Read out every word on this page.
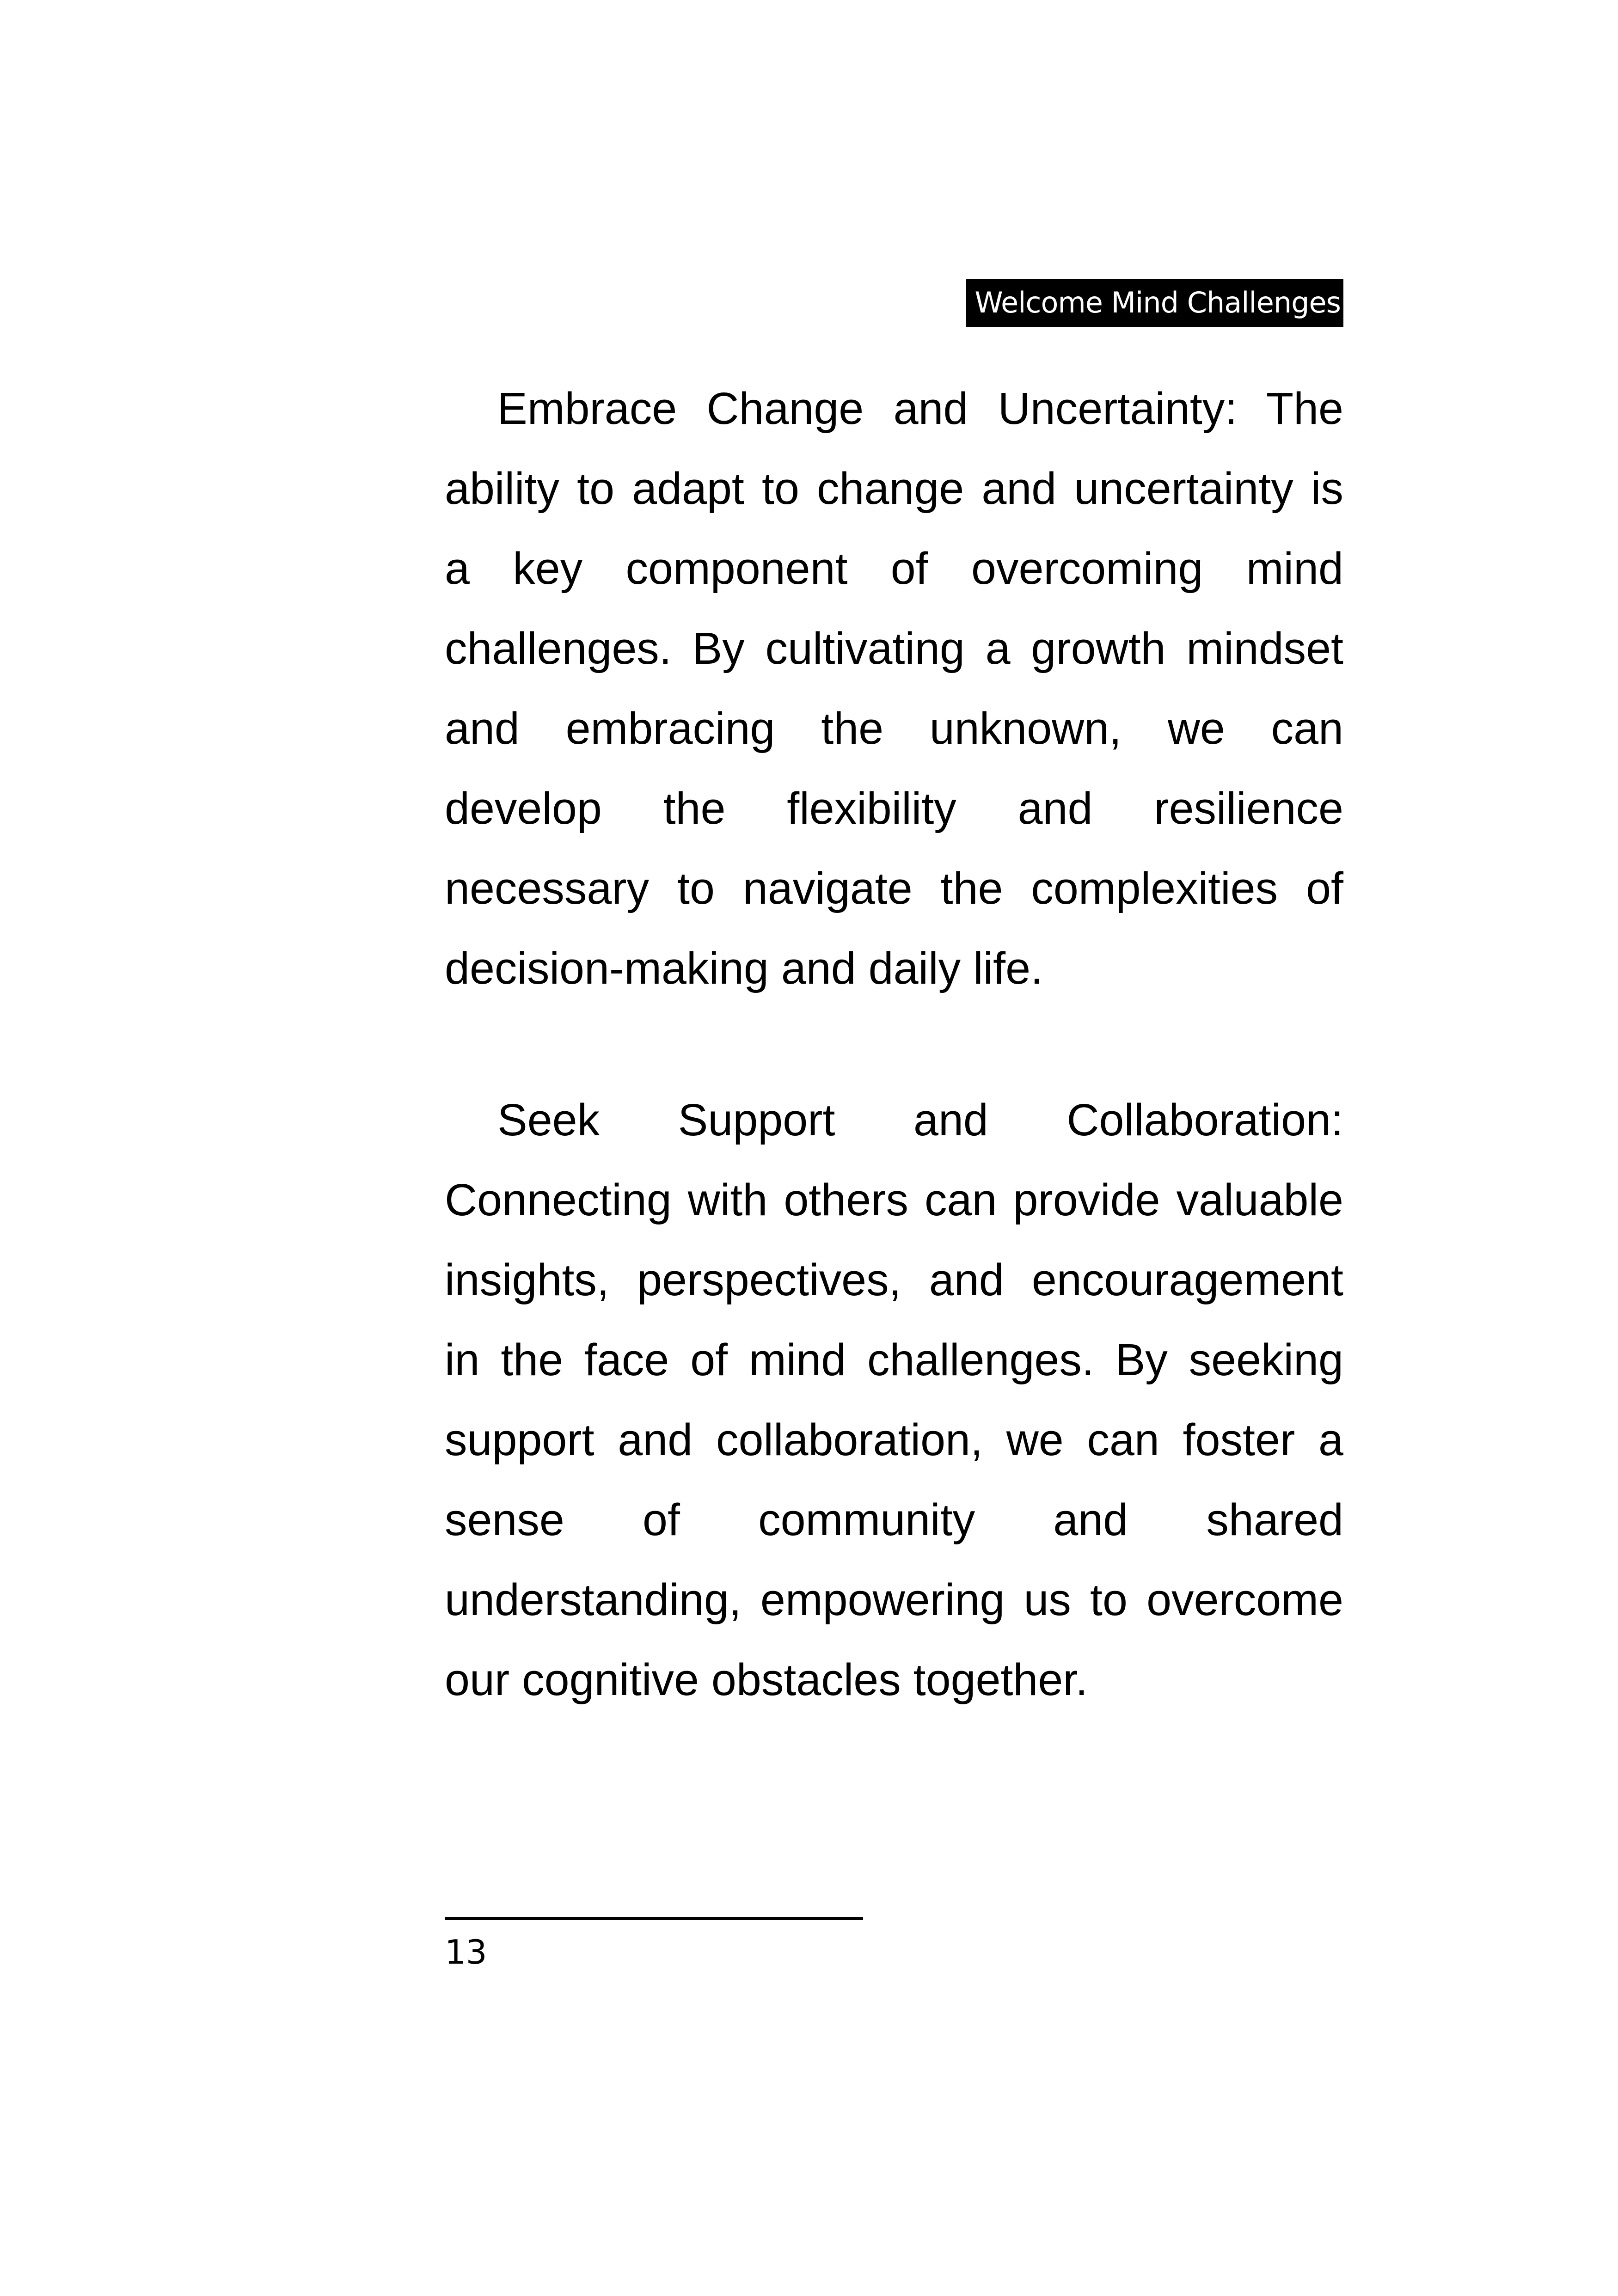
Welcome Mind Challenges

Embrace Change and Uncertainty: The ability to adapt to change and uncertainty is a key component of overcoming mind challenges. By cultivating a growth mindset and embracing the unknown, we can develop the flexibility and resilience necessary to navigate the complexities of decision-making and daily life.

Seek Support and Collaboration: Connecting with others can provide valuable insights, perspectives, and encouragement in the face of mind challenges. By seeking support and collaboration, we can foster a sense of community and shared understanding, empowering us to overcome our cognitive obstacles together.

13
